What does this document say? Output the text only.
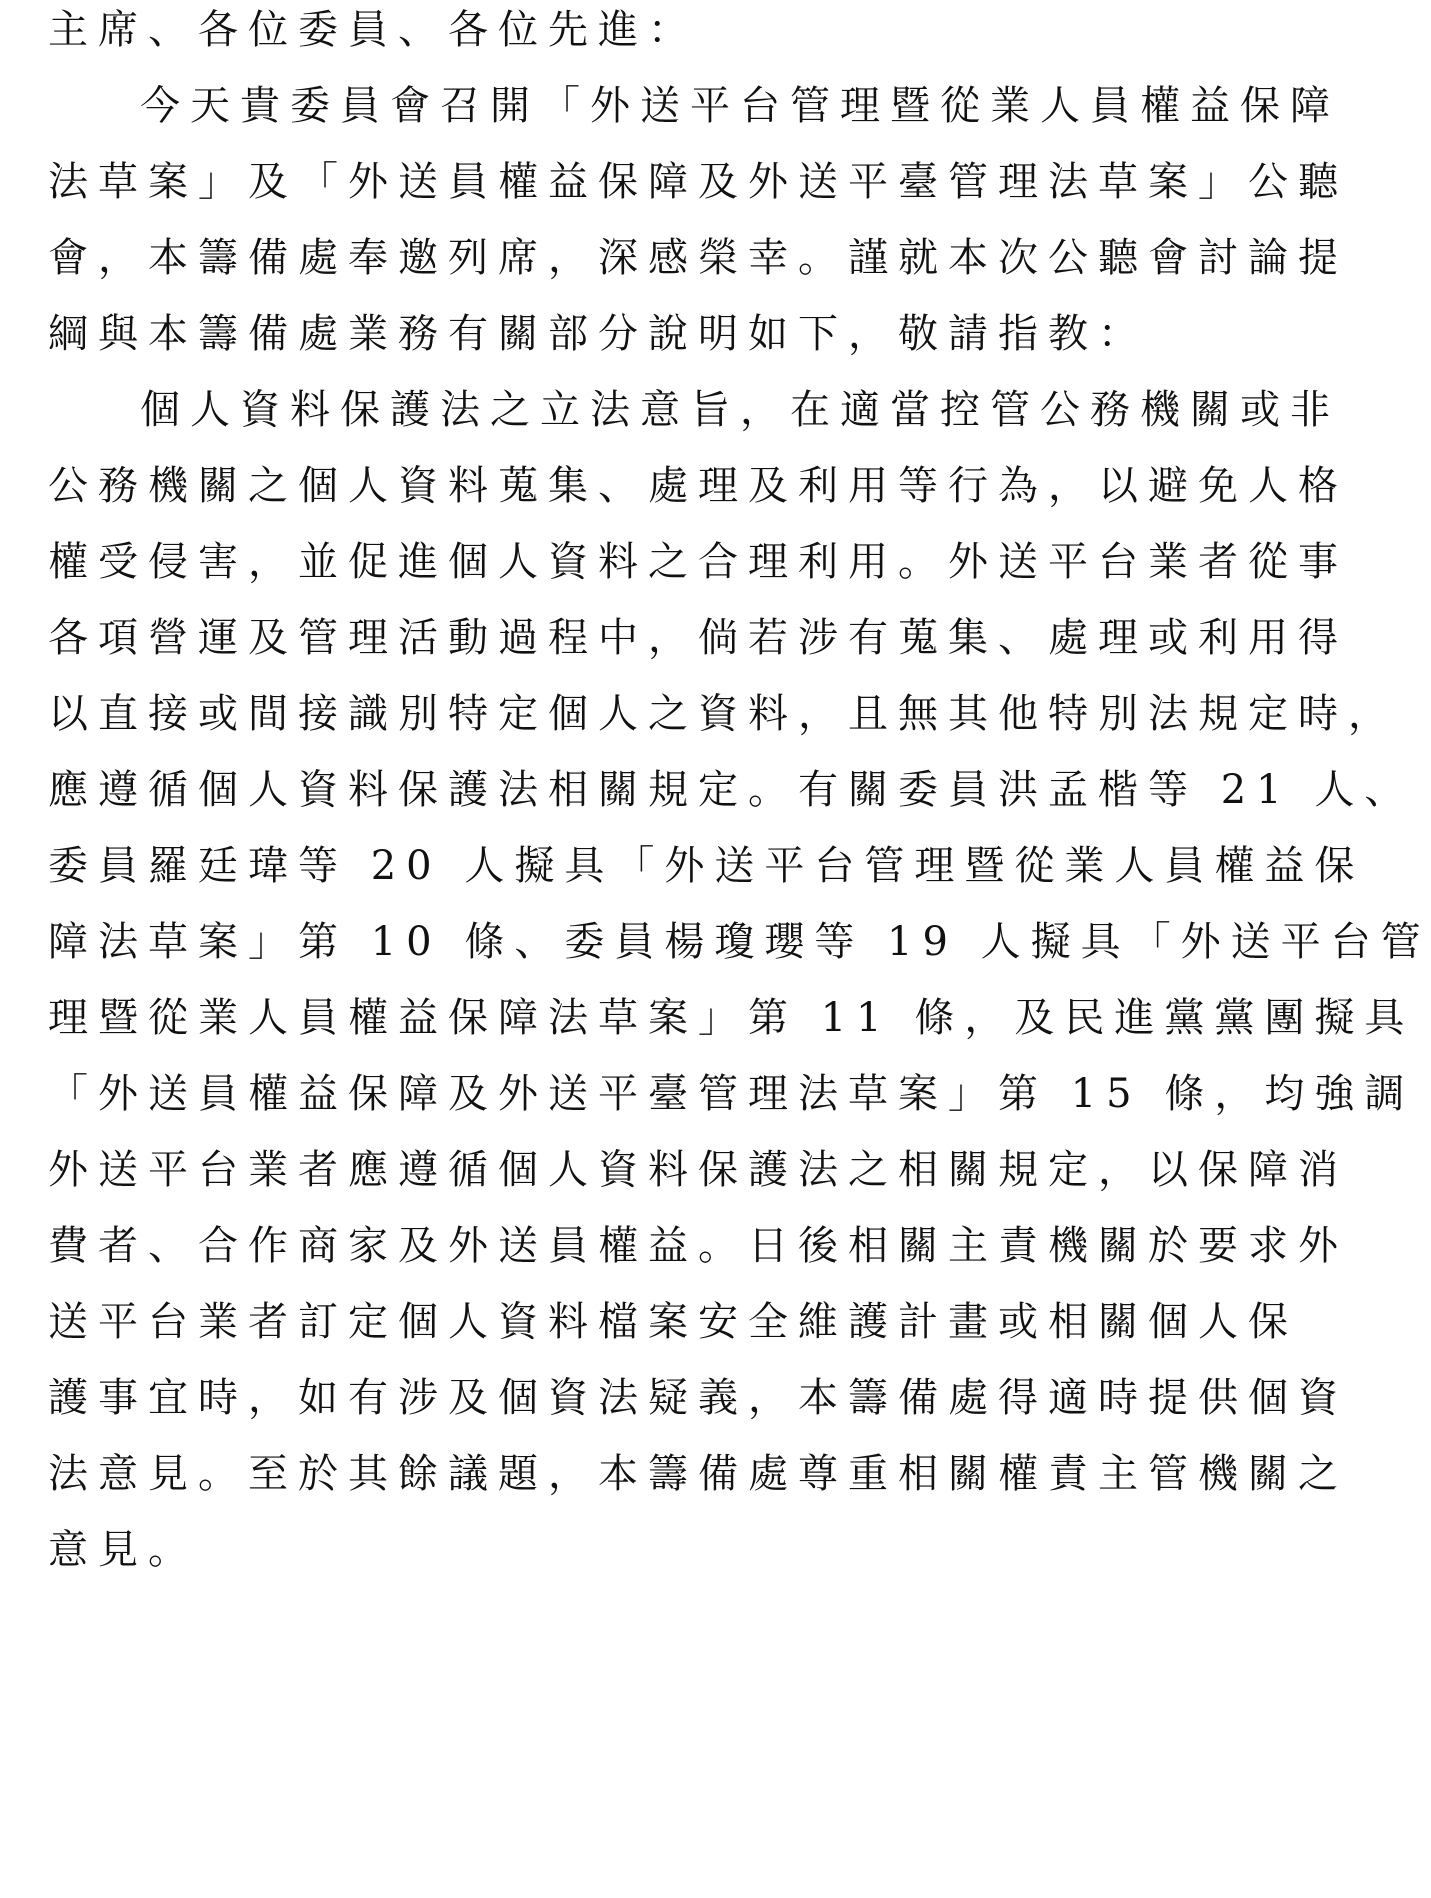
主席、各位委員、各位先進：
今天貴委員會召開「外送平台管理暨從業人員權益保障
法草案」及「外送員權益保障及外送平臺管理法草案」公聽
會，本籌備處奉邀列席，深感榮幸。謹就本次公聽會討論提
綱與本籌備處業務有關部分說明如下，敬請指教：
個人資料保護法之立法意旨，在適當控管公務機關或非
公務機關之個人資料蒐集、處理及利用等行為，以避免人格
權受侵害，並促進個人資料之合理利用。外送平台業者從事
各項營運及管理活動過程中，倘若涉有蒐集、處理或利用得
以直接或間接識別特定個人之資料，且無其他特別法規定時，
應遵循個人資料保護法相關規定。有關委員洪孟楷等 21 人、
委員羅廷瑋等 20 人擬具「外送平台管理暨從業人員權益保
障法草案」第 10 條、委員楊瓊瓔等 19 人擬具「外送平台管
理暨從業人員權益保障法草案」第 11 條，及民進黨黨團擬具
「外送員權益保障及外送平臺管理法草案」第 15 條，均強調
外送平台業者應遵循個人資料保護法之相關規定，以保障消
費者、合作商家及外送員權益。日後相關主責機關於要求外
送平台業者訂定個人資料檔案安全維護計畫或相關個人保
護事宜時，如有涉及個資法疑義，本籌備處得適時提供個資
法意見。至於其餘議題，本籌備處尊重相關權責主管機關之
意見。
